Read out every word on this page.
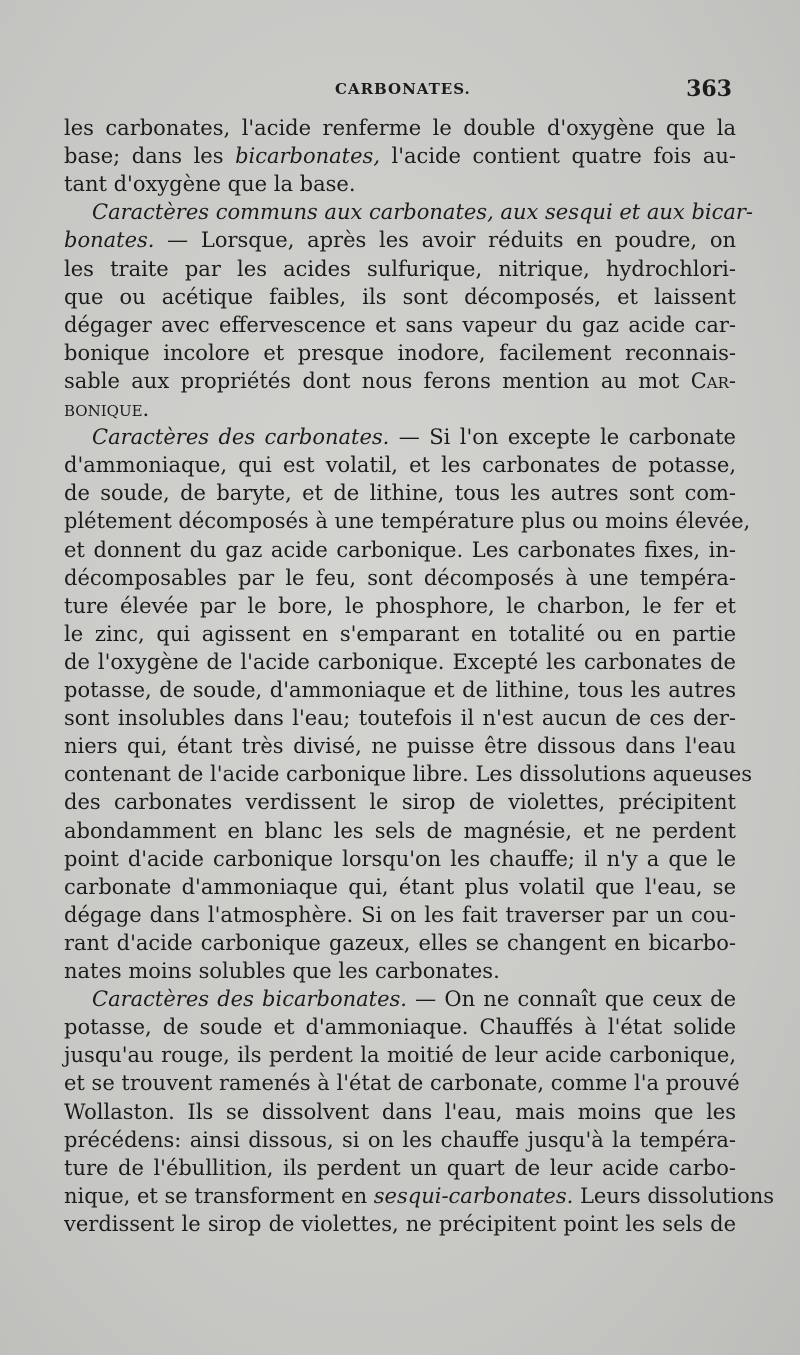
CARBONATES.	363
les carbonates, l'acide renferme le double d'oxygène que la
base; dans les bicarbonates, l'acide contient quatre fois au-
tant d'oxygène que la base.
Caractères communs aux carbonates, aux sesqui et aux bicar-
bonates. — Lorsque, après les avoir réduits en poudre, on
les traite par les acides sulfurique, nitrique, hydrochlori-
que ou acétique faibles, ils sont décomposés, et laissent
dégager avec effervescence et sans vapeur du gaz acide car-
bonique incolore et presque inodore, facilement reconnais-
sable aux propriétés dont nous ferons mention au mot Car-
bonique.
Caractères des carbonates. — Si l'on excepte le carbonate
d'ammoniaque, qui est volatil, et les carbonates de potasse,
de soude, de baryte, et de lithine, tous les autres sont com-
plétement décomposés à une température plus ou moins élevée,
et donnent du gaz acide carbonique. Les carbonates fixes, in-
décomposables par le feu, sont décomposés à une tempéra-
ture élevée par le bore, le phosphore, le charbon, le fer et
le zinc, qui agissent en s'emparant en totalité ou en partie
de l'oxygène de l'acide carbonique. Excepté les carbonates de
potasse, de soude, d'ammoniaque et de lithine, tous les autres
sont insolubles dans l'eau; toutefois il n'est aucun de ces der-
niers qui, étant très divisé, ne puisse être dissous dans l'eau
contenant de l'acide carbonique libre. Les dissolutions aqueuses
des carbonates verdissent le sirop de violettes, précipitent
abondamment en blanc les sels de magnésie, et ne perdent
point d'acide carbonique lorsqu'on les chauffe; il n'y a que le
carbonate d'ammoniaque qui, étant plus volatil que l'eau, se
dégage dans l'atmosphère. Si on les fait traverser par un cou-
rant d'acide carbonique gazeux, elles se changent en bicarbo-
nates moins solubles que les carbonates.
Caractères des bicarbonates. — On ne connaît que ceux de
potasse, de soude et d'ammoniaque. Chauffés à l'état solide
jusqu'au rouge, ils perdent la moitié de leur acide carbonique,
et se trouvent ramenés à l'état de carbonate, comme l'a prouvé
Wollaston. Ils se dissolvent dans l'eau, mais moins que les
précédens: ainsi dissous, si on les chauffe jusqu'à la tempéra-
ture de l'ébullition, ils perdent un quart de leur acide carbo-
nique, et se transforment en sesqui-carbonates. Leurs dissolutions
verdissent le sirop de violettes, ne précipitent point les sels de
